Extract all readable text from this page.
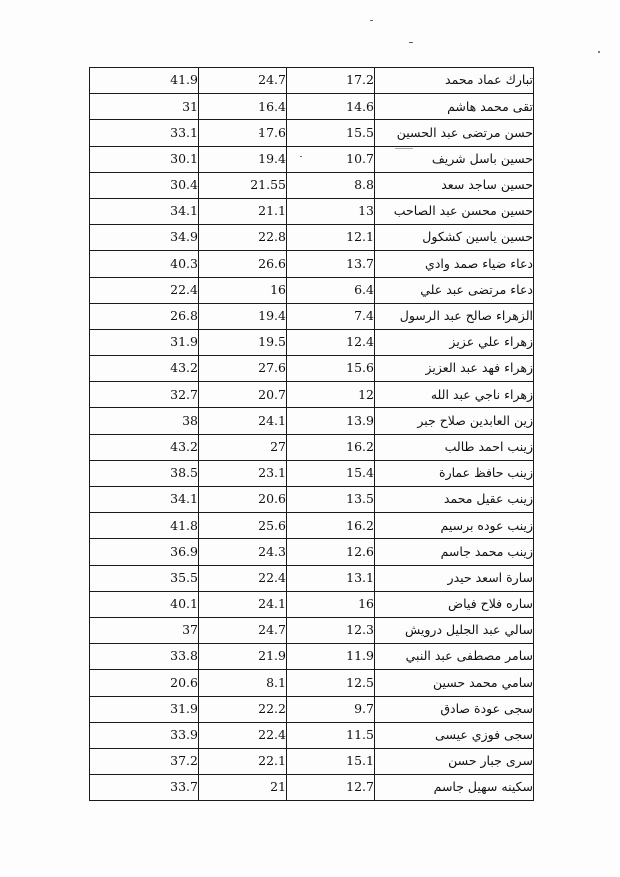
41.9	24.7	17.2	تبارك عماد محمد
31	16.4	14.6	تقى محمد هاشم
33.1	17.6	15.5	حسن مرتضى عبد الحسين
30.1	19.4	10.7	حسين باسل شريف
30.4	21.55	8.8	حسين ساجد سعد
34.1	21.1	13	حسين محسن عبد الصاحب
34.9	22.8	12.1	حسين ياسين كشكول
40.3	26.6	13.7	دعاء ضياء صمد وادي
22.4	16	6.4	دعاء مرتضى عبد علي
26.8	19.4	7.4	الزهراء صالح عبد الرسول
31.9	19.5	12.4	زهراء علي عزيز
43.2	27.6	15.6	زهراء فهد عبد العزيز
32.7	20.7	12	زهراء ناجي عبد الله
38	24.1	13.9	زين العابدين صلاح جبر
43.2	27	16.2	زينب احمد طالب
38.5	23.1	15.4	زينب حافظ عمارة
34.1	20.6	13.5	زينب عقيل محمد
41.8	25.6	16.2	زينب عوده برسيم
36.9	24.3	12.6	زينب محمد جاسم
35.5	22.4	13.1	سارة اسعد حيدر
40.1	24.1	16	ساره فلاح فياض
37	24.7	12.3	سالي عبد الجليل درويش
33.8	21.9	11.9	سامر مصطفى عبد النبي
20.6	8.1	12.5	سامي محمد حسين
31.9	22.2	9.7	سجى عودة صادق
33.9	22.4	11.5	سجى فوزي عيسى
37.2	22.1	15.1	سرى جبار حسن
33.7	21	12.7	سكينه سهيل جاسم
